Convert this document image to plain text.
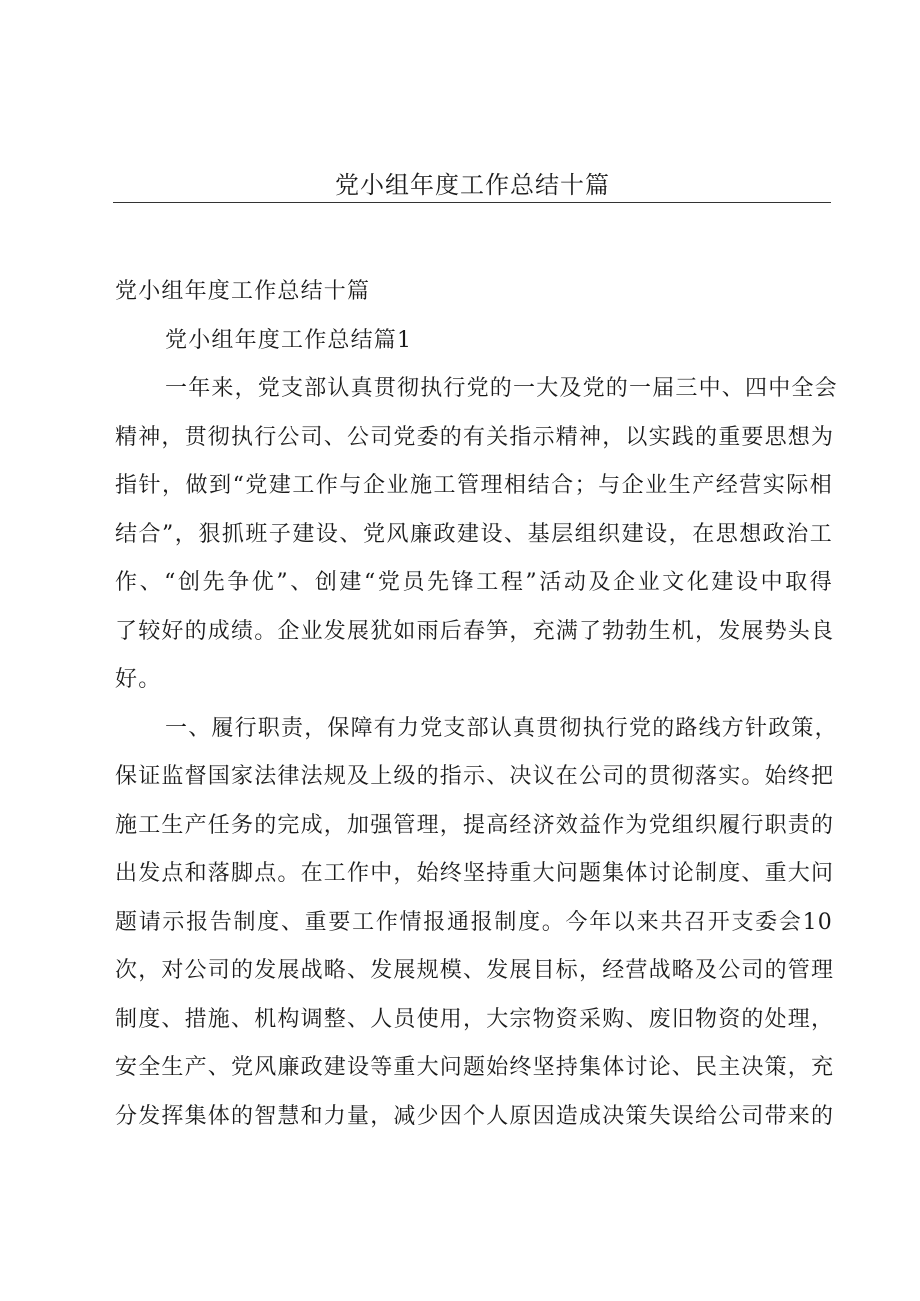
党小组年度工作总结十篇
党小组年度工作总结十篇
党小组年度工作总结篇1
一年来，党支部认真贯彻执行党的一大及党的一届三中、四中全会
精神，贯彻执行公司、公司党委的有关指示精神，以实践的重要思想为
指针，做到“党建工作与企业施工管理相结合；与企业生产经营实际相
结合”，狠抓班子建设、党风廉政建设、基层组织建设，在思想政治工
作、“创先争优”、创建“党员先锋工程”活动及企业文化建设中取得
了较好的成绩。企业发展犹如雨后春笋，充满了勃勃生机，发展势头良
好。
一、履行职责，保障有力党支部认真贯彻执行党的路线方针政策，
保证监督国家法律法规及上级的指示、决议在公司的贯彻落实。始终把
施工生产任务的完成，加强管理，提高经济效益作为党组织履行职责的
出发点和落脚点。在工作中，始终坚持重大问题集体讨论制度、重大问
题请示报告制度、重要工作情报通报制度。今年以来共召开支委会10
次，对公司的发展战略、发展规模、发展目标，经营战略及公司的管理
制度、措施、机构调整、人员使用，大宗物资采购、废旧物资的处理，
安全生产、党风廉政建设等重大问题始终坚持集体讨论、民主决策，充
分发挥集体的智慧和力量，减少因个人原因造成决策失误给公司带来的
